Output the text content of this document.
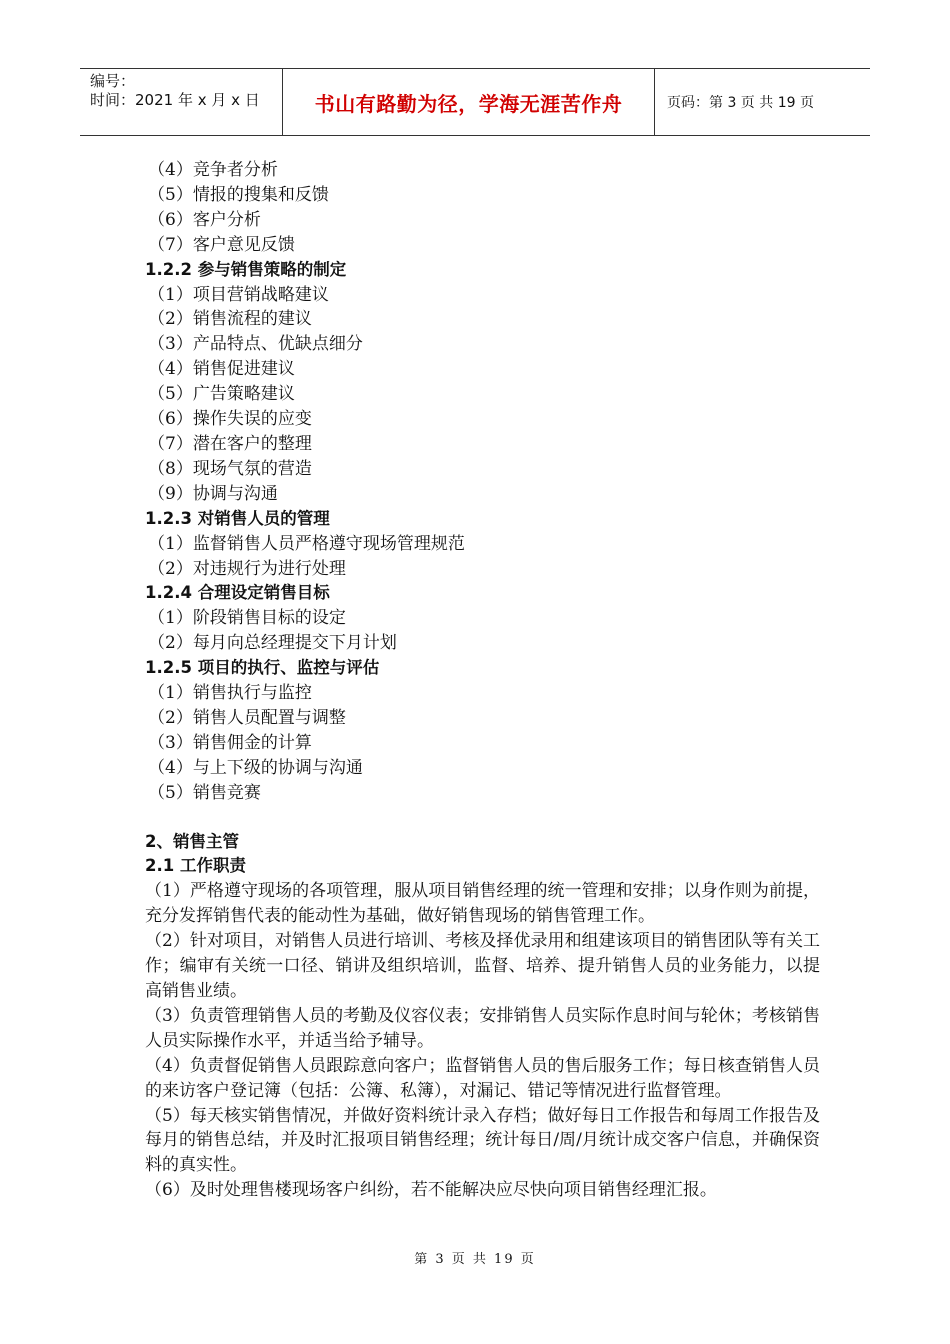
编号：
时间：2021 年 x 月 x 日	书山有路勤为径，学海无涯苦作舟	页码：第 3 页 共 19 页
（4）竞争者分析
（5）情报的搜集和反馈
（6）客户分析
（7）客户意见反馈
1.2.2 参与销售策略的制定
（1）项目营销战略建议
（2）销售流程的建议
（3）产品特点、优缺点细分
（4）销售促进建议
（5）广告策略建议
（6）操作失误的应变
（7）潜在客户的整理
（8）现场气氛的营造
（9）协调与沟通
1.2.3 对销售人员的管理
（1）监督销售人员严格遵守现场管理规范
（2）对违规行为进行处理
1.2.4 合理设定销售目标
（1）阶段销售目标的设定
（2）每月向总经理提交下月计划
1.2.5 项目的执行、监控与评估
（1）销售执行与监控
（2）销售人员配置与调整
（3）销售佣金的计算
（4）与上下级的协调与沟通
（5）销售竞赛
2、销售主管
2.1 工作职责
（1）严格遵守现场的各项管理，服从项目销售经理的统一管理和安排；以身作则为前提，充分发挥销售代表的能动性为基础，做好销售现场的销售管理工作。
（2）针对项目，对销售人员进行培训、考核及择优录用和组建该项目的销售团队等有关工作；编审有关统一口径、销讲及组织培训，监督、培养、提升销售人员的业务能力，以提高销售业绩。
（3）负责管理销售人员的考勤及仪容仪表；安排销售人员实际作息时间与轮休；考核销售人员实际操作水平，并适当给予辅导。
（4）负责督促销售人员跟踪意向客户；监督销售人员的售后服务工作；每日核查销售人员的来访客户登记簿（包括：公簿、私簿），对漏记、错记等情况进行监督管理。
（5）每天核实销售情况，并做好资料统计录入存档；做好每日工作报告和每周工作报告及每月的销售总结，并及时汇报项目销售经理；统计每日/周/月统计成交客户信息，并确保资料的真实性。
（6）及时处理售楼现场客户纠纷，若不能解决应尽快向项目销售经理汇报。
第 3 页 共 19 页
